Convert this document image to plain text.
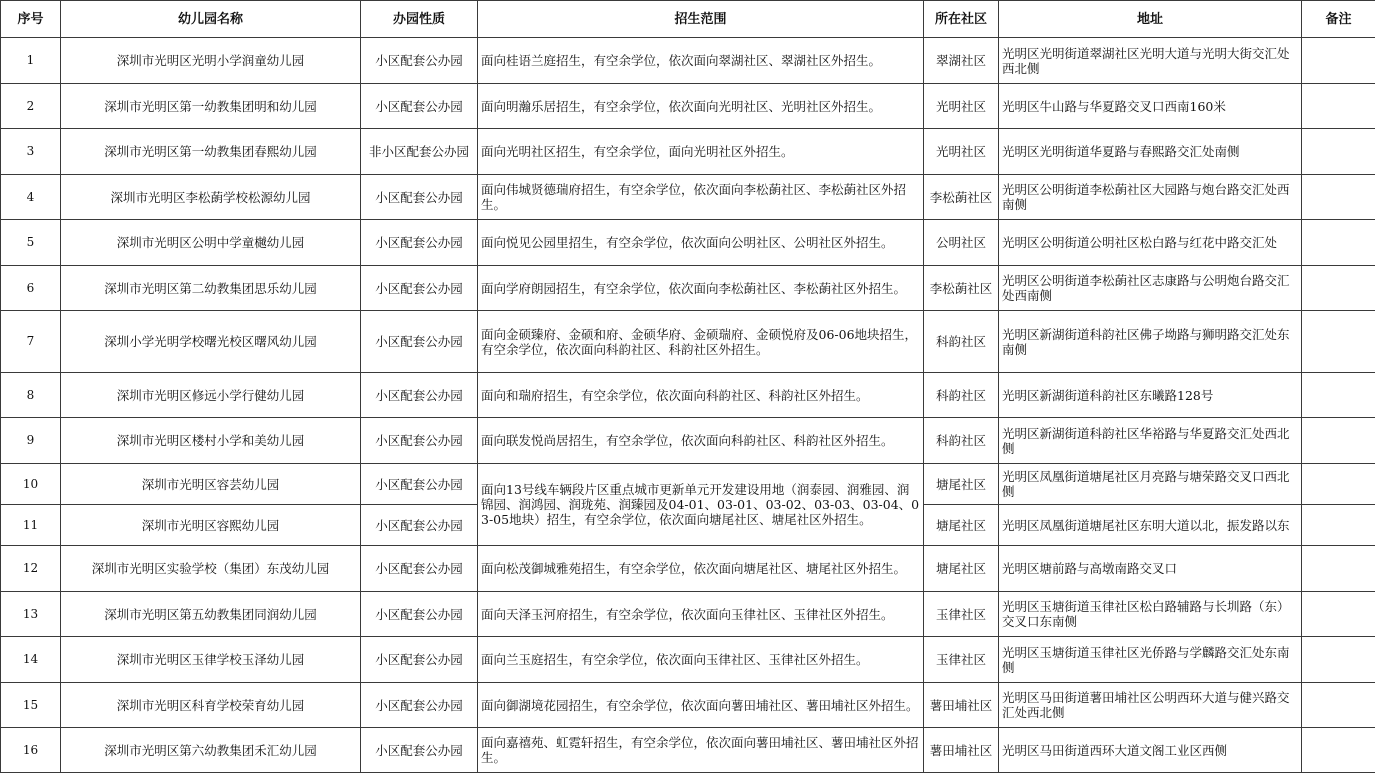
序号	幼儿园名称	办园性质	招生范围	所在社区	地址	备注
1	深圳市光明区光明小学润童幼儿园	小区配套公办园	面向桂语兰庭招生，有空余学位，依次面向翠湖社区、翠湖社区外招生。	翠湖社区	光明区光明街道翠湖社区光明大道与光明大街交汇处西北侧	
2	深圳市光明区第一幼教集团明和幼儿园	小区配套公办园	面向明瀚乐居招生，有空余学位，依次面向光明社区、光明社区外招生。	光明社区	光明区牛山路与华夏路交叉口西南160米	
3	深圳市光明区第一幼教集团春熙幼儿园	非小区配套公办园	面向光明社区招生，有空余学位，面向光明社区外招生。	光明社区	光明区光明街道华夏路与春熙路交汇处南侧	
4	深圳市光明区李松蓢学校松源幼儿园	小区配套公办园	面向伟城贤德瑞府招生，有空余学位，依次面向李松蓢社区、李松蓢社区外招生。	李松蓢社区	光明区公明街道李松蓢社区大园路与炮台路交汇处西南侧	
5	深圳市光明区公明中学童樾幼儿园	小区配套公办园	面向悦见公园里招生，有空余学位，依次面向公明社区、公明社区外招生。	公明社区	光明区公明街道公明社区松白路与红花中路交汇处	
6	深圳市光明区第二幼教集团思乐幼儿园	小区配套公办园	面向学府朗园招生，有空余学位，依次面向李松蓢社区、李松蓢社区外招生。	李松蓢社区	光明区公明街道李松蓢社区志康路与公明炮台路交汇处西南侧	
7	深圳小学光明学校曙光校区曙风幼儿园	小区配套公办园	面向金硕臻府、金硕和府、金硕华府、金硕瑞府、金硕悦府及06-06地块招生，有空余学位，依次面向科韵社区、科韵社区外招生。	科韵社区	光明区新湖街道科韵社区佛子坳路与狮明路交汇处东南侧	
8	深圳市光明区修远小学行健幼儿园	小区配套公办园	面向和瑞府招生，有空余学位，依次面向科韵社区、科韵社区外招生。	科韵社区	光明区新湖街道科韵社区东曦路128号	
9	深圳市光明区楼村小学和美幼儿园	小区配套公办园	面向联发悦尚居招生，有空余学位，依次面向科韵社区、科韵社区外招生。	科韵社区	光明区新湖街道科韵社区华裕路与华夏路交汇处西北侧	
10	深圳市光明区容芸幼儿园	小区配套公办园	面向13号线车辆段片区重点城市更新单元开发建设用地（润泰园、润雅园、润锦园、润鸿园、润珑苑、润臻园及04-01、03-01、03-02、03-03、03-04、03-05地块）招生，有空余学位，依次面向塘尾社区、塘尾社区外招生。	塘尾社区	光明区凤凰街道塘尾社区月亮路与塘荣路交叉口西北侧	
11	深圳市光明区容熙幼儿园	小区配套公办园		塘尾社区	光明区凤凰街道塘尾社区东明大道以北，振发路以东	
12	深圳市光明区实验学校（集团）东茂幼儿园	小区配套公办园	面向松茂御城雅苑招生，有空余学位，依次面向塘尾社区、塘尾社区外招生。	塘尾社区	光明区塘前路与高墩南路交叉口	
13	深圳市光明区第五幼教集团同润幼儿园	小区配套公办园	面向天泽玉河府招生，有空余学位，依次面向玉律社区、玉律社区外招生。	玉律社区	光明区玉塘街道玉律社区松白路辅路与长圳路（东）交叉口东南侧	
14	深圳市光明区玉律学校玉泽幼儿园	小区配套公办园	面向兰玉庭招生，有空余学位，依次面向玉律社区、玉律社区外招生。	玉律社区	光明区玉塘街道玉律社区光侨路与学麟路交汇处东南侧	
15	深圳市光明区科育学校荣育幼儿园	小区配套公办园	面向御湖境花园招生，有空余学位，依次面向薯田埔社区、薯田埔社区外招生。	薯田埔社区	光明区马田街道薯田埔社区公明西环大道与健兴路交汇处西北侧	
16	深圳市光明区第六幼教集团禾汇幼儿园	小区配套公办园	面向嘉禧苑、虹霓轩招生，有空余学位，依次面向薯田埔社区、薯田埔社区外招生。	薯田埔社区	光明区马田街道西环大道文阁工业区西侧	
